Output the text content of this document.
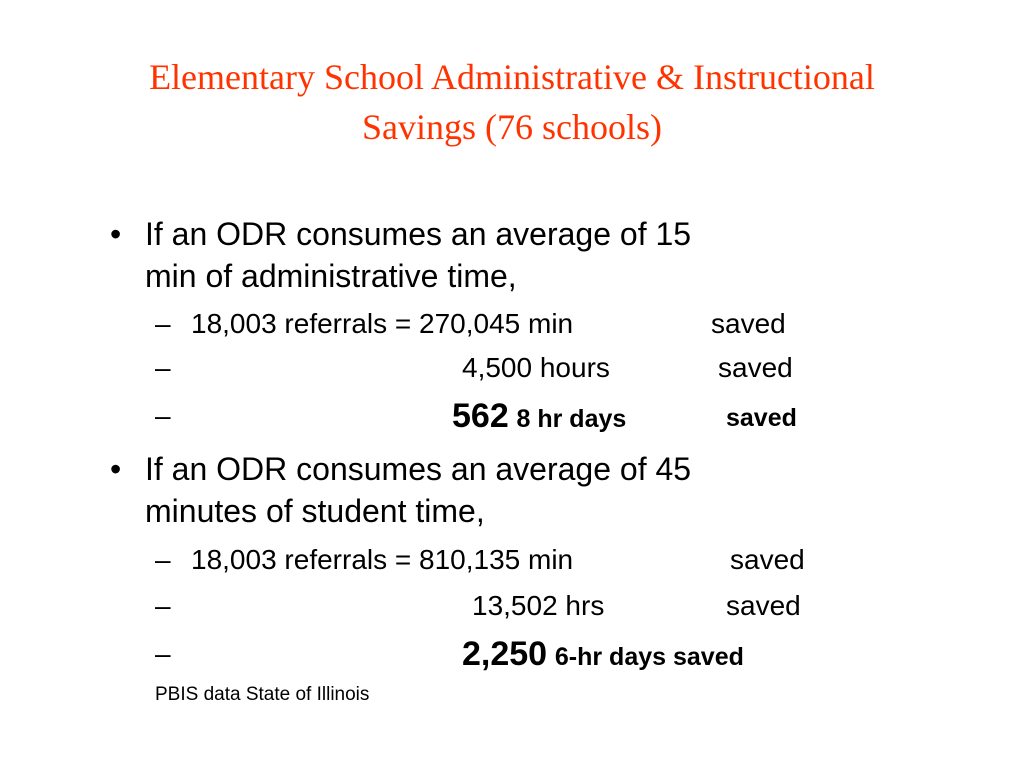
Elementary School Administrative & Instructional
Savings (76 schools)
• If an ODR consumes an average of 15
min of administrative time,
– 18,003 referrals = 270,045 min	saved
–	4,500 hours	saved
–	562 8 hr days	saved
• If an ODR consumes an average of 45
minutes of student time,
– 18,003 referrals = 810,135 min	saved
–	13,502 hrs	saved
–	2,250 6-hr days saved
PBIS data State of Illinois
